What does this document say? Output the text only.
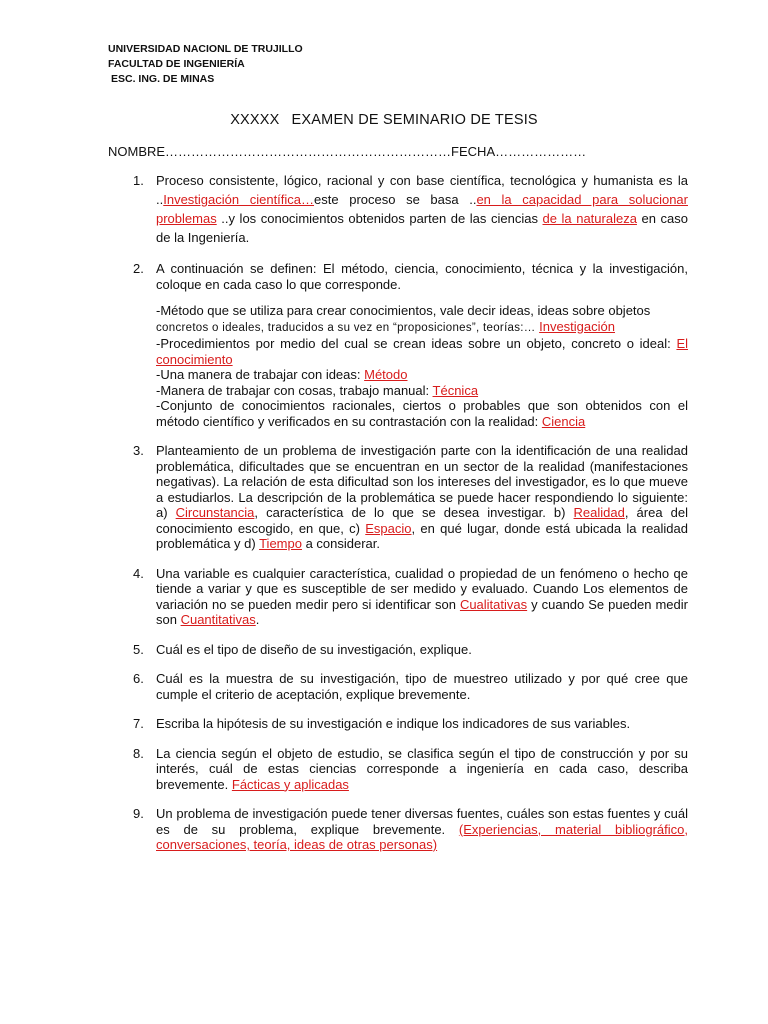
UNIVERSIDAD NACIONL DE TRUJILLO
FACULTAD DE INGENIERÍA
ESC. ING. DE MINAS
XXXXX EXAMEN DE SEMINARIO DE TESIS
NOMBRE…………………………………………………………FECHA…………………
1. Proceso consistente, lógico, racional y con base científica, tecnológica y humanista es la ..Investigación científica…este proceso se basa ..en la capacidad para solucionar problemas ..y los conocimientos obtenidos parten de las ciencias de la naturaleza en caso de la Ingeniería.
2. A continuación se definen: El método, ciencia, conocimiento, técnica y la investigación, coloque en cada caso lo que corresponde.
-Método que se utiliza para crear conocimientos, vale decir ideas, ideas sobre objetos
concretos o ideales, traducidos a su vez en “proposiciones”, teorías:… Investigación
-Procedimientos por medio del cual se crean ideas sobre un objeto, concreto o ideal: El conocimiento
-Una manera de trabajar con ideas: Método
-Manera de trabajar con cosas, trabajo manual: Técnica
-Conjunto de conocimientos racionales, ciertos o probables que son obtenidos con el método científico y verificados en su contrastación con la realidad: Ciencia
3. Planteamiento de un problema de investigación parte con la identificación de una realidad problemática, dificultades que se encuentran en un sector de la realidad (manifestaciones negativas). La relación de esta dificultad son los intereses del investigador, es lo que mueve a estudiarlos. La descripción de la problemática se puede hacer respondiendo lo siguiente: a) Circunstancia, característica de lo que se desea investigar. b) Realidad, área del conocimiento escogido, en que, c) Espacio, en qué lugar, donde está ubicada la realidad problemática y d) Tiempo a considerar.
4. Una variable es cualquier característica, cualidad o propiedad de un fenómeno o hecho qe tiende a variar y que es susceptible de ser medido y evaluado. Cuando Los elementos de variación no se pueden medir pero si identificar son Cualitativas y cuando Se pueden medir son Cuantitativas.
5. Cuál es el tipo de diseño de su investigación, explique.
6. Cuál es la muestra de su investigación, tipo de muestreo utilizado y por qué cree que cumple el criterio de aceptación, explique brevemente.
7. Escriba la hipótesis de su investigación e indique los indicadores de sus variables.
8. La ciencia según el objeto de estudio, se clasifica según el tipo de construcción y por su interés, cuál de estas ciencias corresponde a ingeniería en cada caso, describa brevemente. Fácticas y aplicadas
9. Un problema de investigación puede tener diversas fuentes, cuáles son estas fuentes y cuál es de su problema, explique brevemente. (Experiencias, material bibliográfico, conversaciones, teoría, ideas de otras personas)
